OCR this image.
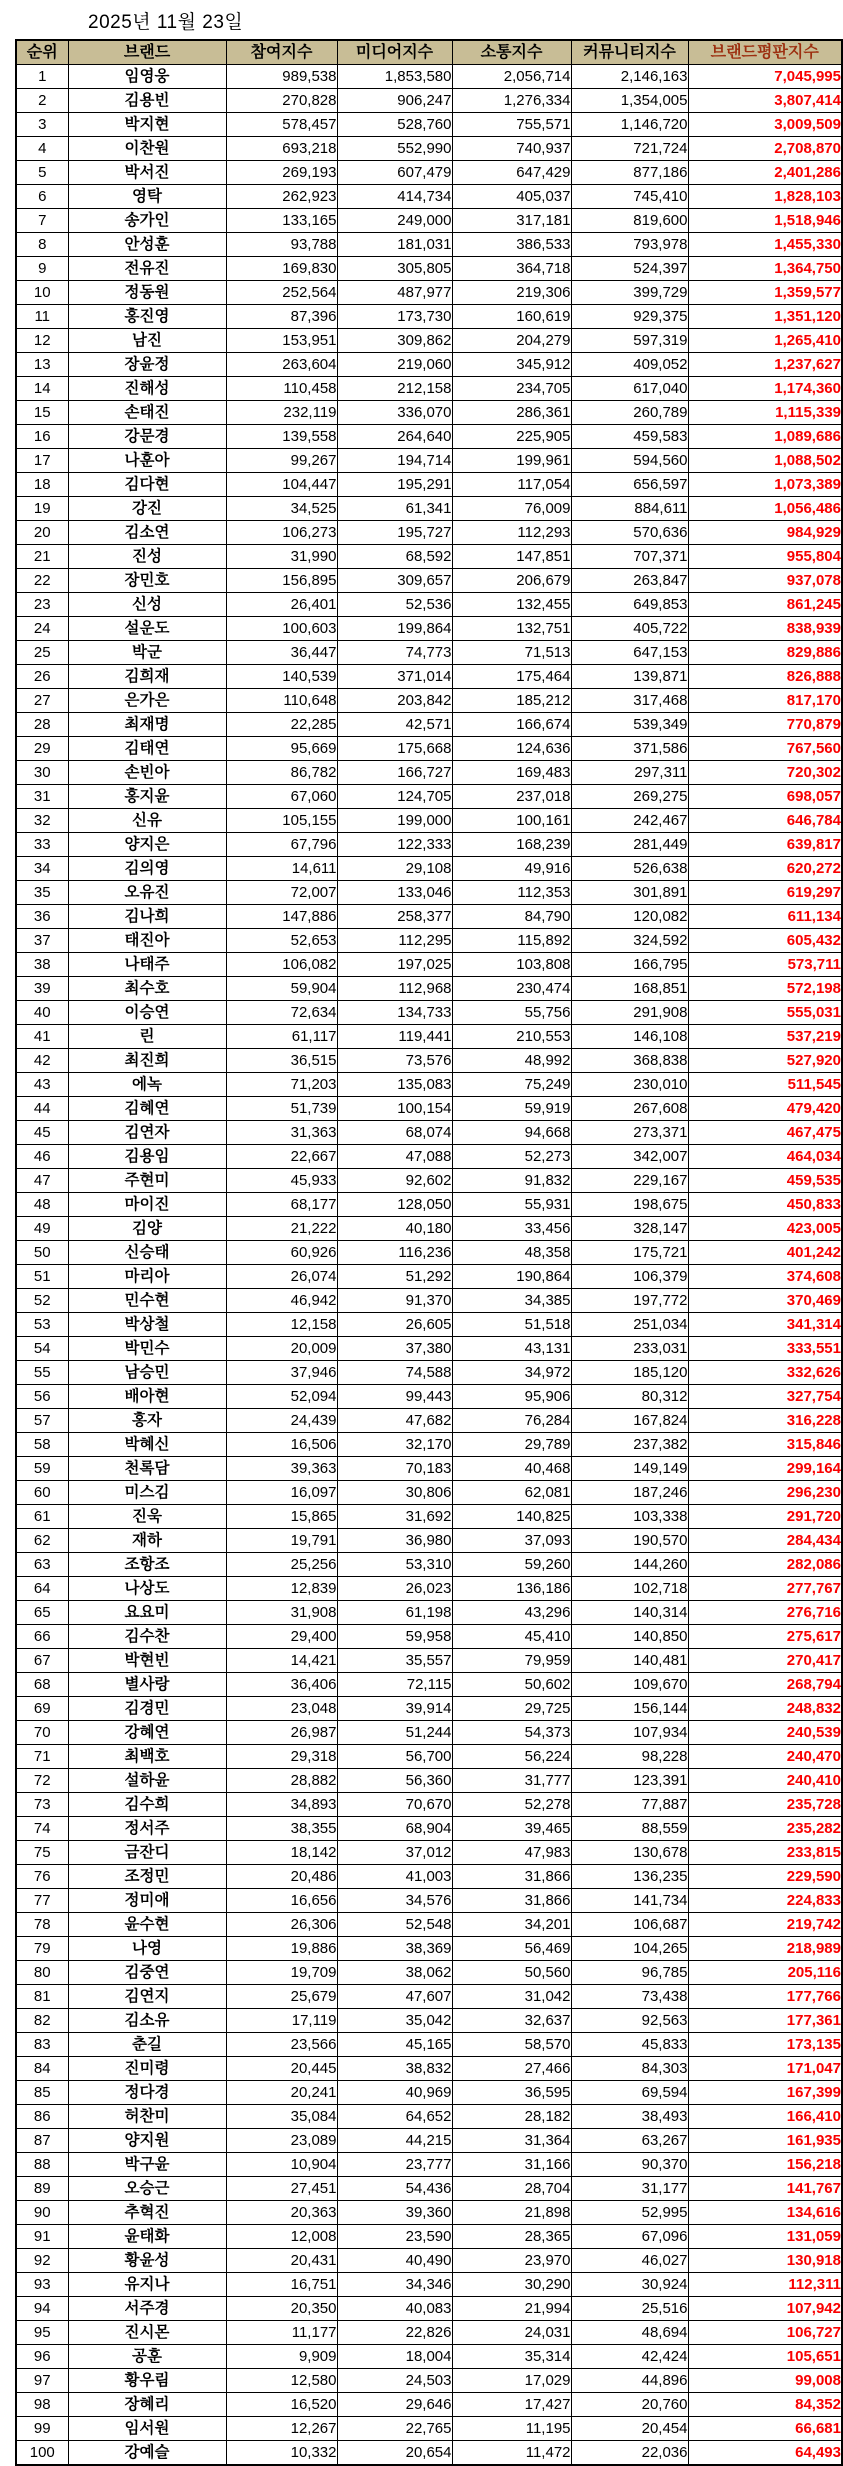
2025년 11월 23일
순위	브랜드	참여지수	미디어지수	소통지수	커뮤니티지수	브랜드평판지수
1	임영웅	989,538	1,853,580	2,056,714	2,146,163	7,045,995
2	김용빈	270,828	906,247	1,276,334	1,354,005	3,807,414
3	박지현	578,457	528,760	755,571	1,146,720	3,009,509
4	이찬원	693,218	552,990	740,937	721,724	2,708,870
5	박서진	269,193	607,479	647,429	877,186	2,401,286
6	영탁	262,923	414,734	405,037	745,410	1,828,103
7	송가인	133,165	249,000	317,181	819,600	1,518,946
8	안성훈	93,788	181,031	386,533	793,978	1,455,330
9	전유진	169,830	305,805	364,718	524,397	1,364,750
10	정동원	252,564	487,977	219,306	399,729	1,359,577
11	홍진영	87,396	173,730	160,619	929,375	1,351,120
12	남진	153,951	309,862	204,279	597,319	1,265,410
13	장윤정	263,604	219,060	345,912	409,052	1,237,627
14	진해성	110,458	212,158	234,705	617,040	1,174,360
15	손태진	232,119	336,070	286,361	260,789	1,115,339
16	강문경	139,558	264,640	225,905	459,583	1,089,686
17	나훈아	99,267	194,714	199,961	594,560	1,088,502
18	김다현	104,447	195,291	117,054	656,597	1,073,389
19	강진	34,525	61,341	76,009	884,611	1,056,486
20	김소연	106,273	195,727	112,293	570,636	984,929
21	진성	31,990	68,592	147,851	707,371	955,804
22	장민호	156,895	309,657	206,679	263,847	937,078
23	신성	26,401	52,536	132,455	649,853	861,245
24	설운도	100,603	199,864	132,751	405,722	838,939
25	박군	36,447	74,773	71,513	647,153	829,886
26	김희재	140,539	371,014	175,464	139,871	826,888
27	은가은	110,648	203,842	185,212	317,468	817,170
28	최재명	22,285	42,571	166,674	539,349	770,879
29	김태연	95,669	175,668	124,636	371,586	767,560
30	손빈아	86,782	166,727	169,483	297,311	720,302
31	홍지윤	67,060	124,705	237,018	269,275	698,057
32	신유	105,155	199,000	100,161	242,467	646,784
33	양지은	67,796	122,333	168,239	281,449	639,817
34	김의영	14,611	29,108	49,916	526,638	620,272
35	오유진	72,007	133,046	112,353	301,891	619,297
36	김나희	147,886	258,377	84,790	120,082	611,134
37	태진아	52,653	112,295	115,892	324,592	605,432
38	나태주	106,082	197,025	103,808	166,795	573,711
39	최수호	59,904	112,968	230,474	168,851	572,198
40	이승연	72,634	134,733	55,756	291,908	555,031
41	린	61,117	119,441	210,553	146,108	537,219
42	최진희	36,515	73,576	48,992	368,838	527,920
43	에녹	71,203	135,083	75,249	230,010	511,545
44	김혜연	51,739	100,154	59,919	267,608	479,420
45	김연자	31,363	68,074	94,668	273,371	467,475
46	김용임	22,667	47,088	52,273	342,007	464,034
47	주현미	45,933	92,602	91,832	229,167	459,535
48	마이진	68,177	128,050	55,931	198,675	450,833
49	김양	21,222	40,180	33,456	328,147	423,005
50	신승태	60,926	116,236	48,358	175,721	401,242
51	마리아	26,074	51,292	190,864	106,379	374,608
52	민수현	46,942	91,370	34,385	197,772	370,469
53	박상철	12,158	26,605	51,518	251,034	341,314
54	박민수	20,009	37,380	43,131	233,031	333,551
55	남승민	37,946	74,588	34,972	185,120	332,626
56	배아현	52,094	99,443	95,906	80,312	327,754
57	홍자	24,439	47,682	76,284	167,824	316,228
58	박혜신	16,506	32,170	29,789	237,382	315,846
59	천록담	39,363	70,183	40,468	149,149	299,164
60	미스김	16,097	30,806	62,081	187,246	296,230
61	진욱	15,865	31,692	140,825	103,338	291,720
62	재하	19,791	36,980	37,093	190,570	284,434
63	조항조	25,256	53,310	59,260	144,260	282,086
64	나상도	12,839	26,023	136,186	102,718	277,767
65	요요미	31,908	61,198	43,296	140,314	276,716
66	김수찬	29,400	59,958	45,410	140,850	275,617
67	박현빈	14,421	35,557	79,959	140,481	270,417
68	별사랑	36,406	72,115	50,602	109,670	268,794
69	김경민	23,048	39,914	29,725	156,144	248,832
70	강혜연	26,987	51,244	54,373	107,934	240,539
71	최백호	29,318	56,700	56,224	98,228	240,470
72	설하윤	28,882	56,360	31,777	123,391	240,410
73	김수희	34,893	70,670	52,278	77,887	235,728
74	정서주	38,355	68,904	39,465	88,559	235,282
75	금잔디	18,142	37,012	47,983	130,678	233,815
76	조정민	20,486	41,003	31,866	136,235	229,590
77	정미애	16,656	34,576	31,866	141,734	224,833
78	윤수현	26,306	52,548	34,201	106,687	219,742
79	나영	19,886	38,369	56,469	104,265	218,989
80	김중연	19,709	38,062	50,560	96,785	205,116
81	김연지	25,679	47,607	31,042	73,438	177,766
82	김소유	17,119	35,042	32,637	92,563	177,361
83	춘길	23,566	45,165	58,570	45,833	173,135
84	진미령	20,445	38,832	27,466	84,303	171,047
85	정다경	20,241	40,969	36,595	69,594	167,399
86	허찬미	35,084	64,652	28,182	38,493	166,410
87	양지원	23,089	44,215	31,364	63,267	161,935
88	박구윤	10,904	23,777	31,166	90,370	156,218
89	오승근	27,451	54,436	28,704	31,177	141,767
90	추혁진	20,363	39,360	21,898	52,995	134,616
91	윤태화	12,008	23,590	28,365	67,096	131,059
92	황윤성	20,431	40,490	23,970	46,027	130,918
93	유지나	16,751	34,346	30,290	30,924	112,311
94	서주경	20,350	40,083	21,994	25,516	107,942
95	진시몬	11,177	22,826	24,031	48,694	106,727
96	공훈	9,909	18,004	35,314	42,424	105,651
97	황우림	12,580	24,503	17,029	44,896	99,008
98	장혜리	16,520	29,646	17,427	20,760	84,352
99	임서원	12,267	22,765	11,195	20,454	66,681
100	강예슬	10,332	20,654	11,472	22,036	64,493
